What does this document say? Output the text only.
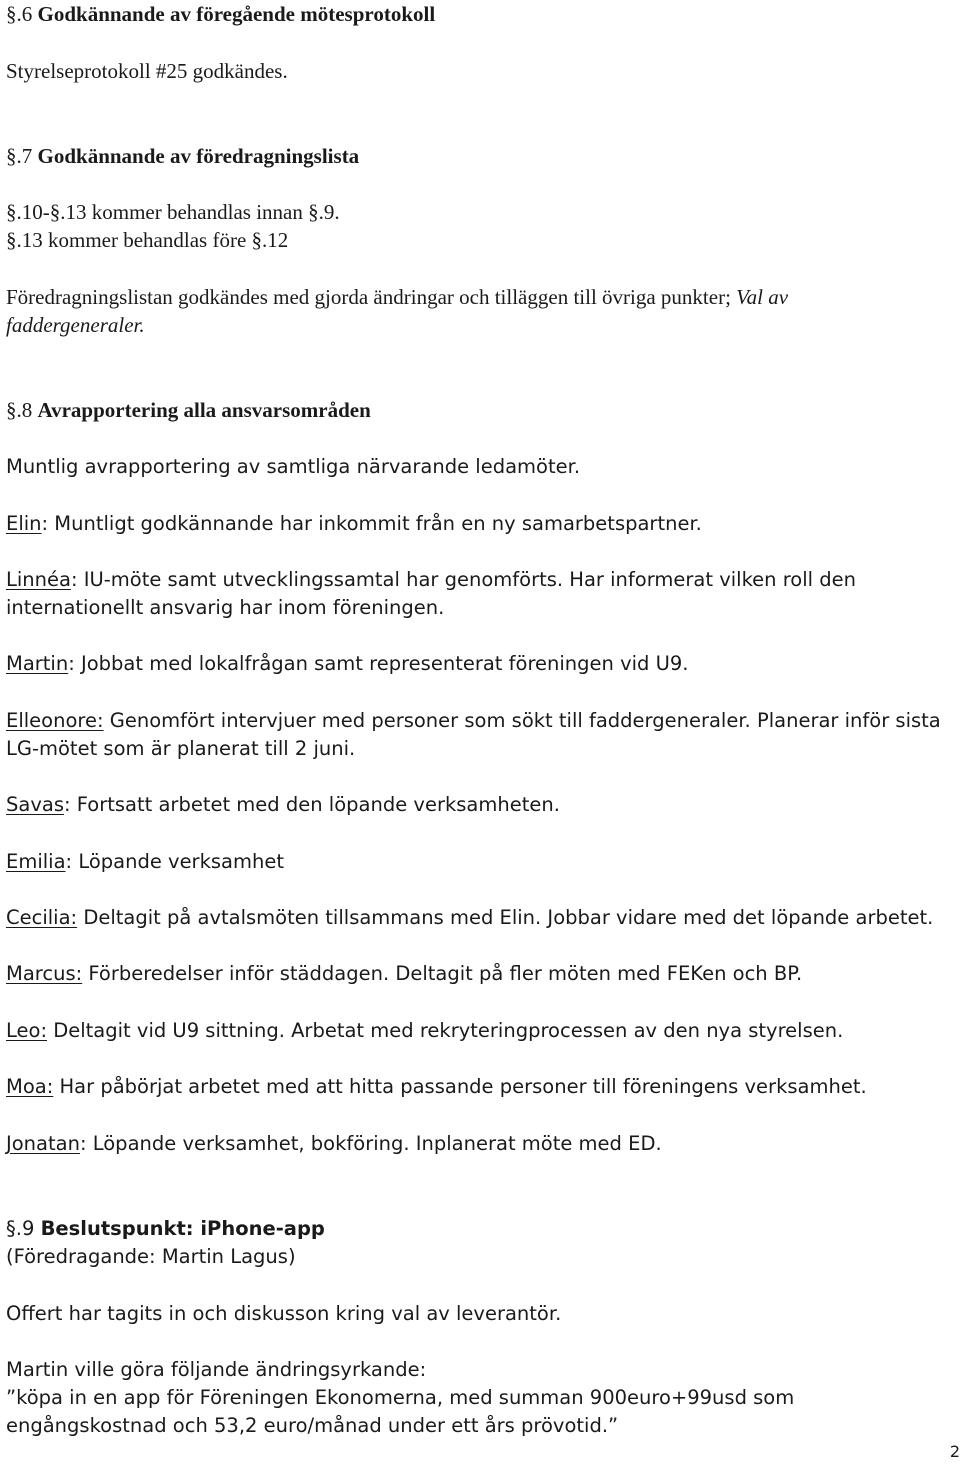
§.6 Godkännande av föregående mötesprotokoll
Styrelseprotokoll #25 godkändes.
§.7 Godkännande av föredragningslista
§.10-§.13 kommer behandlas innan §.9.
§.13 kommer behandlas före §.12
Föredragningslistan godkändes med gjorda ändringar och tilläggen till övriga punkter; Val av
faddergeneraler.
§.8 Avrapportering alla ansvarsområden
Muntlig avrapportering av samtliga närvarande ledamöter.
Elin: Muntligt godkännande har inkommit från en ny samarbetspartner.
Linnéa: IU-möte samt utvecklingssamtal har genomförts. Har informerat vilken roll den
internationellt ansvarig har inom föreningen.
Martin: Jobbat med lokalfrågan samt representerat föreningen vid U9.
Elleonore: Genomfört intervjuer med personer som sökt till faddergeneraler. Planerar inför sista
LG-mötet som är planerat till 2 juni.
Savas: Fortsatt arbetet med den löpande verksamheten.
Emilia: Löpande verksamhet
Cecilia: Deltagit på avtalsmöten tillsammans med Elin. Jobbar vidare med det löpande arbetet.
Marcus: Förberedelser inför städdagen. Deltagit på fler möten med FEKen och BP.
Leo: Deltagit vid U9 sittning. Arbetat med rekryteringprocessen av den nya styrelsen.
Moa: Har påbörjat arbetet med att hitta passande personer till föreningens verksamhet.
Jonatan: Löpande verksamhet, bokföring. Inplanerat möte med ED.
§.9 Beslutspunkt: iPhone-app
(Föredragande: Martin Lagus)
Offert har tagits in och diskusson kring val av leverantör.
Martin ville göra följande ändringsyrkande:
”köpa in en app för Föreningen Ekonomerna, med summan 900euro+99usd som
engångskostnad och 53,2 euro/månad under ett års prövotid.”
2
